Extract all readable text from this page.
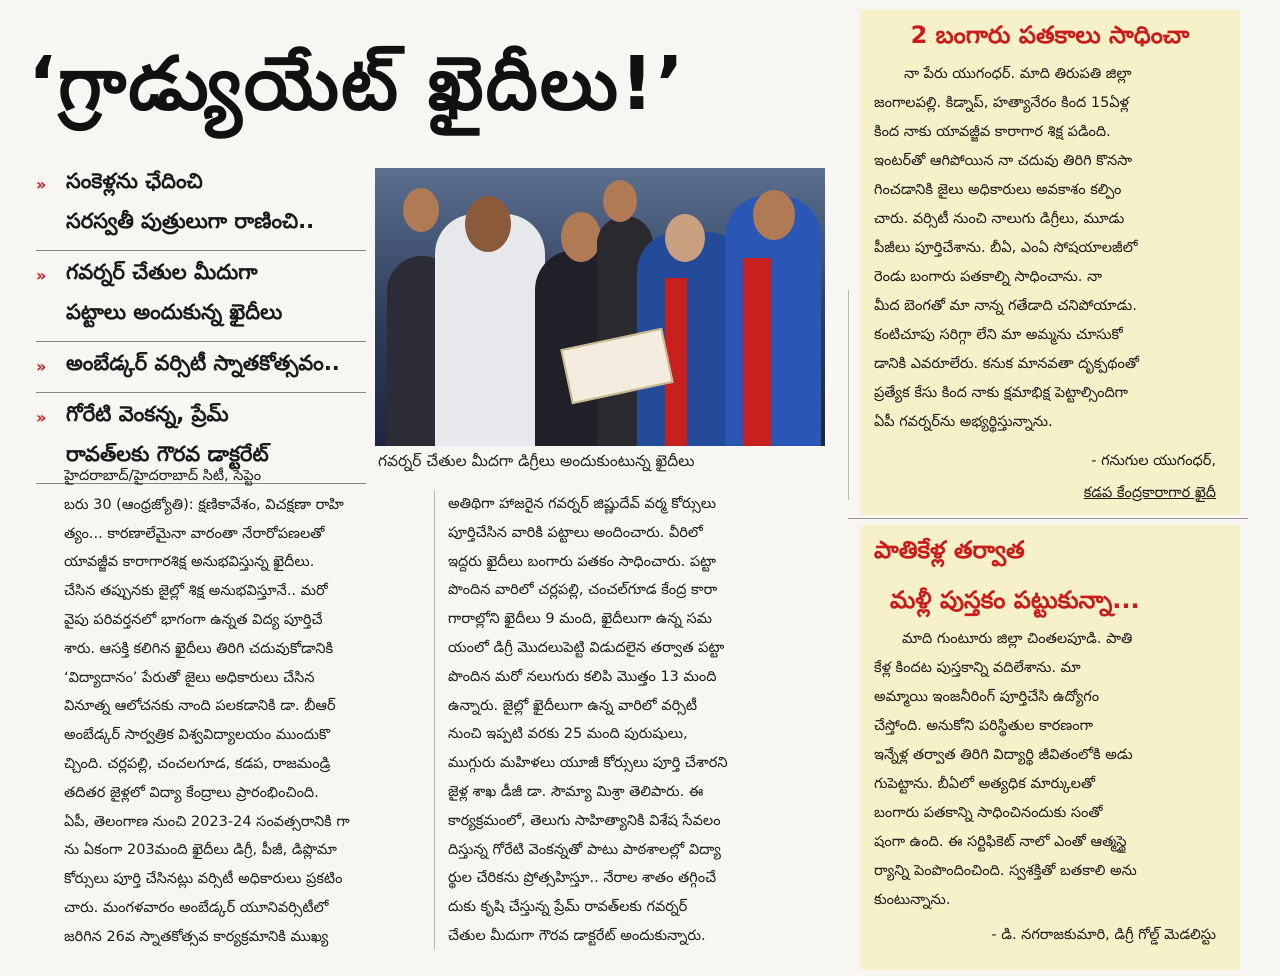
‘గ్రాడ్యుయేట్ ఖైదీలు!’
» సంకెళ్లను ఛేదించి
సరస్వతీ పుత్రులుగా రాణించి..
» గవర్నర్ చేతుల మీదుగా
పట్టాలు అందుకున్న ఖైదీలు
» అంబేడ్కర్ వర్సిటీ స్నాతకోత్సవం..
» గోరేటి వెంకన్న, ప్రేమ్
రావత్‌లకు గౌరవ డాక్టరేట్	గవర్నర్ చేతుల మీదగా డిగ్రీలు అందుకుంటున్న ఖైదీలు
హైదరాబాద్/హైదరాబాద్ సిటీ, సెప్టెం
బరు 30 (ఆంధ్రజ్యోతి): క్షణికావేశం, విచక్షణా రాహి
త్యం... కారణాలేమైనా వారంతా నేరారోపణలతో
యావజ్జీవ కారాగారశిక్ష అనుభవిస్తున్న ఖైదీలు.
చేసిన తప్పునకు జైల్లో శిక్ష అనుభవిస్తూనే.. మరో
వైపు పరివర్తనలో భాగంగా ఉన్నత విద్య పూర్తిచే
శారు. ఆసక్తి కలిగిన ఖైదీలు తిరిగి చదువుకోడానికి
‘విద్యాదానం’ పేరుతో జైలు అధికారులు చేసిన
వినూత్న ఆలోచనకు నాంది పలకడానికి డా. బీఆర్
అంబేడ్కర్ సార్వత్రిక విశ్వవిద్యాలయం ముందుకొ
చ్చింది. చర్లపల్లి, చంచలగూడ, కడప, రాజమండ్రి
తదితర జైళ్లలో విద్యా కేంద్రాలు ప్రారంభించింది.
ఏపీ, తెలంగాణ నుంచి 2023-24 సంవత్సరానికి గా
ను ఏకంగా 203మంది ఖైదీలు డిగ్రీ, పీజీ, డిప్లొమా
కోర్సులు పూర్తి చేసినట్లు వర్సిటీ అధికారులు ప్రకటిం
చారు. మంగళవారం అంబేడ్కర్ యూనివర్సిటీలో
జరిగిన 26వ స్నాతకోత్సవ కార్యక్రమానికి ముఖ్య
అతిథిగా హాజరైన గవర్నర్ జిష్ణుదేవ్ వర్మ కోర్సులు
పూర్తిచేసిన వారికి పట్టాలు అందించారు. వీరిలో
ఇద్దరు ఖైదీలు బంగారు పతకం సాధించారు. పట్టా
పొందిన వారిలో చర్లపల్లి, చంచల్‌గూడ కేంద్ర కారా
గారాల్లోని ఖైదీలు 9 మంది, ఖైదీలుగా ఉన్న సమ
యంలో డిగ్రీ మొదలుపెట్టి విడుదలైన తర్వాత పట్టా
పొందిన మరో నలుగురు కలిపి మొత్తం 13 మంది
ఉన్నారు. జైల్లో ఖైదీలుగా ఉన్న వారిలో వర్సిటీ
నుంచి ఇప్పటి వరకు 25 మంది పురుషులు,
ముగ్గురు మహిళలు యూజీ కోర్సులు పూర్తి చేశారని
జైళ్ల శాఖ డీజీ డా. సౌమ్యా మిశ్రా తెలిపారు. ఈ
కార్యక్రమంలో, తెలుగు సాహిత్యానికి విశేష సేవలం
దిస్తున్న గోరేటి వెంకన్నతో పాటు పాఠశాలల్లో విద్యా
ర్థుల చేరికను ప్రోత్సహిస్తూ.. నేరాల శాతం తగ్గించే
దుకు కృషి చేస్తున్న ప్రేమ్ రావత్‌లకు గవర్నర్
చేతుల మీదుగా గౌరవ డాక్టరేట్ అందుకున్నారు.
2 బంగారు పతకాలు సాధించా
నా పేరు యుగంధర్. మాది తిరుపతి జిల్లా
జంగాలపల్లి. కిడ్నాప్, హత్యానేరం కింద 15ఏళ్ల
కింద నాకు యావజ్జీవ కారాగార శిక్ష పడింది.
ఇంటర్‌తో ఆగిపోయిన నా చదువు తిరిగి కొనసా
గించడానికి జైలు అధికారులు అవకాశం కల్పిం
చారు. వర్సిటీ నుంచి నాలుగు డిగ్రీలు, మూడు
పీజీలు పూర్తిచేశాను. బీఏ, ఎంఏ సోషయాలజీలో
రెండు బంగారు పతకాల్ని సాధించాను. నా
మీద బెంగతో మా నాన్న గతేడాది చనిపోయాడు.
కంటిచూపు సరిగ్గా లేని మా అమ్మను చూసుకో
డానికి ఎవరూలేరు. కనుక మానవతా దృక్పథంతో
ప్రత్యేక కేసు కింద నాకు క్షమాభిక్ష పెట్టాల్సిందిగా
ఏపీ గవర్నర్‌ను అభ్యర్థిస్తున్నాను.
- గనుగుల యుగంధర్,
కడప కేంద్రకారాగార ఖైదీ
పాతికేళ్ల తర్వాత
మళ్లీ పుస్తకం పట్టుకున్నా...
మాది గుంటూరు జిల్లా చింతలపూడి. పాతి
కేళ్ల కిందట పుస్తకాన్ని వదిలేశాను. మా
అమ్మాయి ఇంజనీరింగ్ పూర్తిచేసి ఉద్యోగం
చేస్తోంది. అనుకోని పరిస్థితుల కారణంగా
ఇన్నేళ్ల తర్వాత తిరిగి విద్యార్థి జీవితంలోకి అడు
గుపెట్టాను. బీఏలో అత్యధిక మార్కులతో
బంగారు పతకాన్ని సాధించినందుకు సంతో
షంగా ఉంది. ఈ సర్టిఫికెట్ నాలో ఎంతో ఆత్మస్థై
ర్యాన్ని పెంపొందించింది. స్వశక్తితో బతకాలి అను
కుంటున్నాను.
- డి. నగరాజకుమారి, డిగ్రీ గోల్డ్ మెడలిస్టు
